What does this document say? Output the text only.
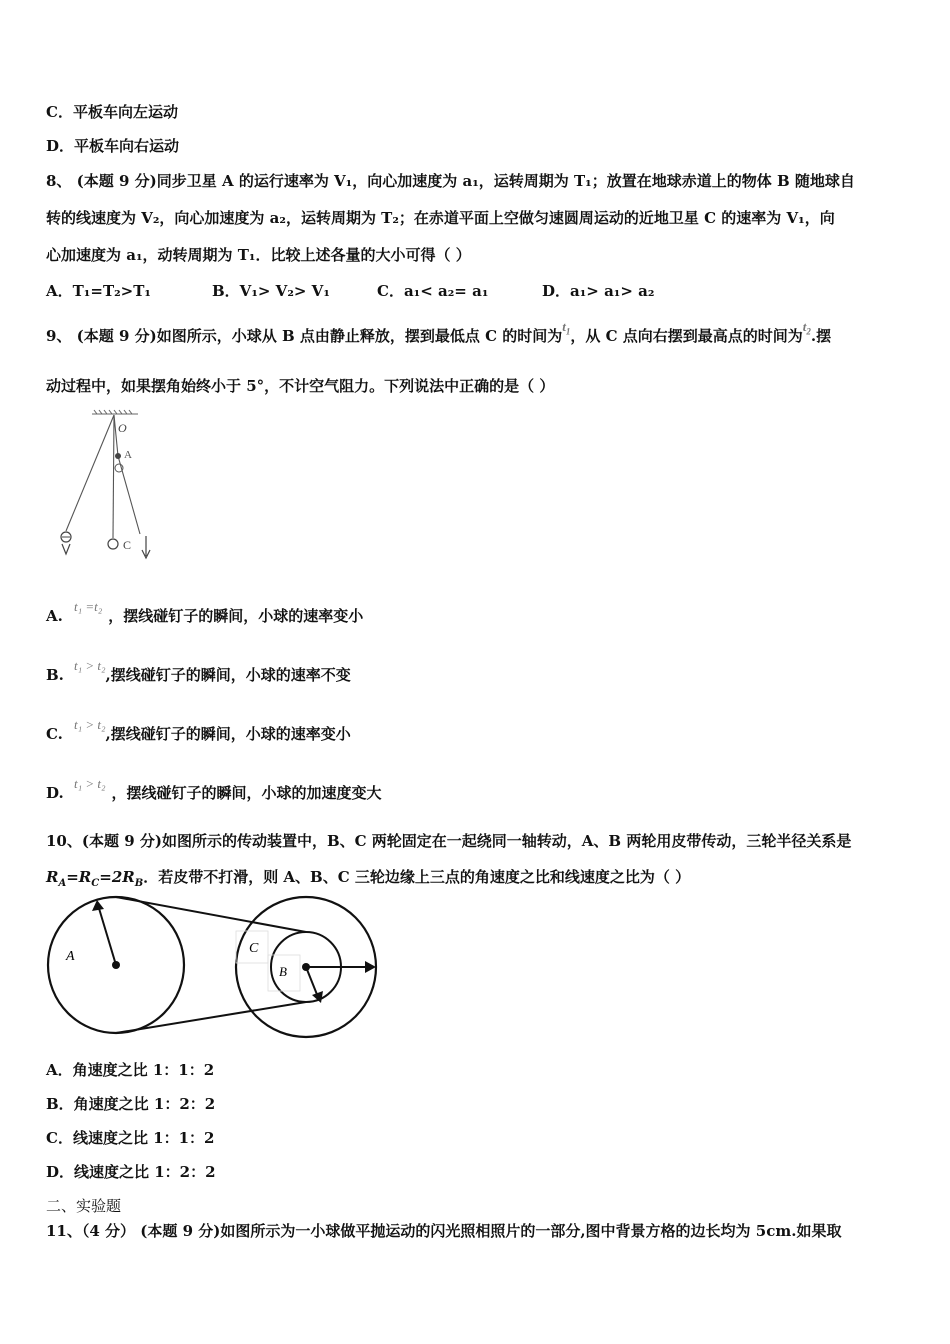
C．平板车向左运动
D．平板车向右运动
8、 (本题 9 分)同步卫星 A 的运行速率为 V₁，向心加速度为 a₁，运转周期为 T₁；放置在地球赤道上的物体 B 随地球自
转的线速度为 V₂，向心加速度为 a₂，运转周期为 T₂；在赤道平面上空做匀速圆周运动的近地卫星 C 的速率为 V₁，向
心加速度为 a₁，动转周期为 T₁．比较上述各量的大小可得（ ）
A．T₁=T₂>T₁	B．V₁> V₂> V₁	C．a₁< a₂= a₁	D．a₁> a₁> a₂
9、 (本题 9 分)如图所示，小球从 B 点由静止释放，摆到最低点 C 的时间为$t_1$，从 C 点向右摆到最高点的时间为$t_2$.摆
动过程中，如果摆角始终小于 5°，不计空气阻力。下列说法中正确的是（ ）
O
A
C
A.t₁ =t₂，摆线碰钉子的瞬间，小球的速率变小
B.t₁ > t₂,摆线碰钉子的瞬间，小球的速率不变
C.t₁ > t₂,摆线碰钉子的瞬间，小球的速率变小
D.t₁ > t₂，摆线碰钉子的瞬间，小球的加速度变大
10、(本题 9 分)如图所示的传动装置中，B、C 两轮固定在一起绕同一轴转动，A、B 两轮用皮带传动，三轮半径关系是
$R_A=R_C=2R_B$．若皮带不打滑，则 A、B、C 三轮边缘上三点的角速度之比和线速度之比为（ ）
A
C
B
A．角速度之比 1：1：2
B．角速度之比 1：2：2
C．线速度之比 1：1：2
D．线速度之比 1：2：2
二、实验题
11、（4 分） (本题 9 分)如图所示为一小球做平抛运动的闪光照相照片的一部分,图中背景方格的边长均为 5cm.如果取
